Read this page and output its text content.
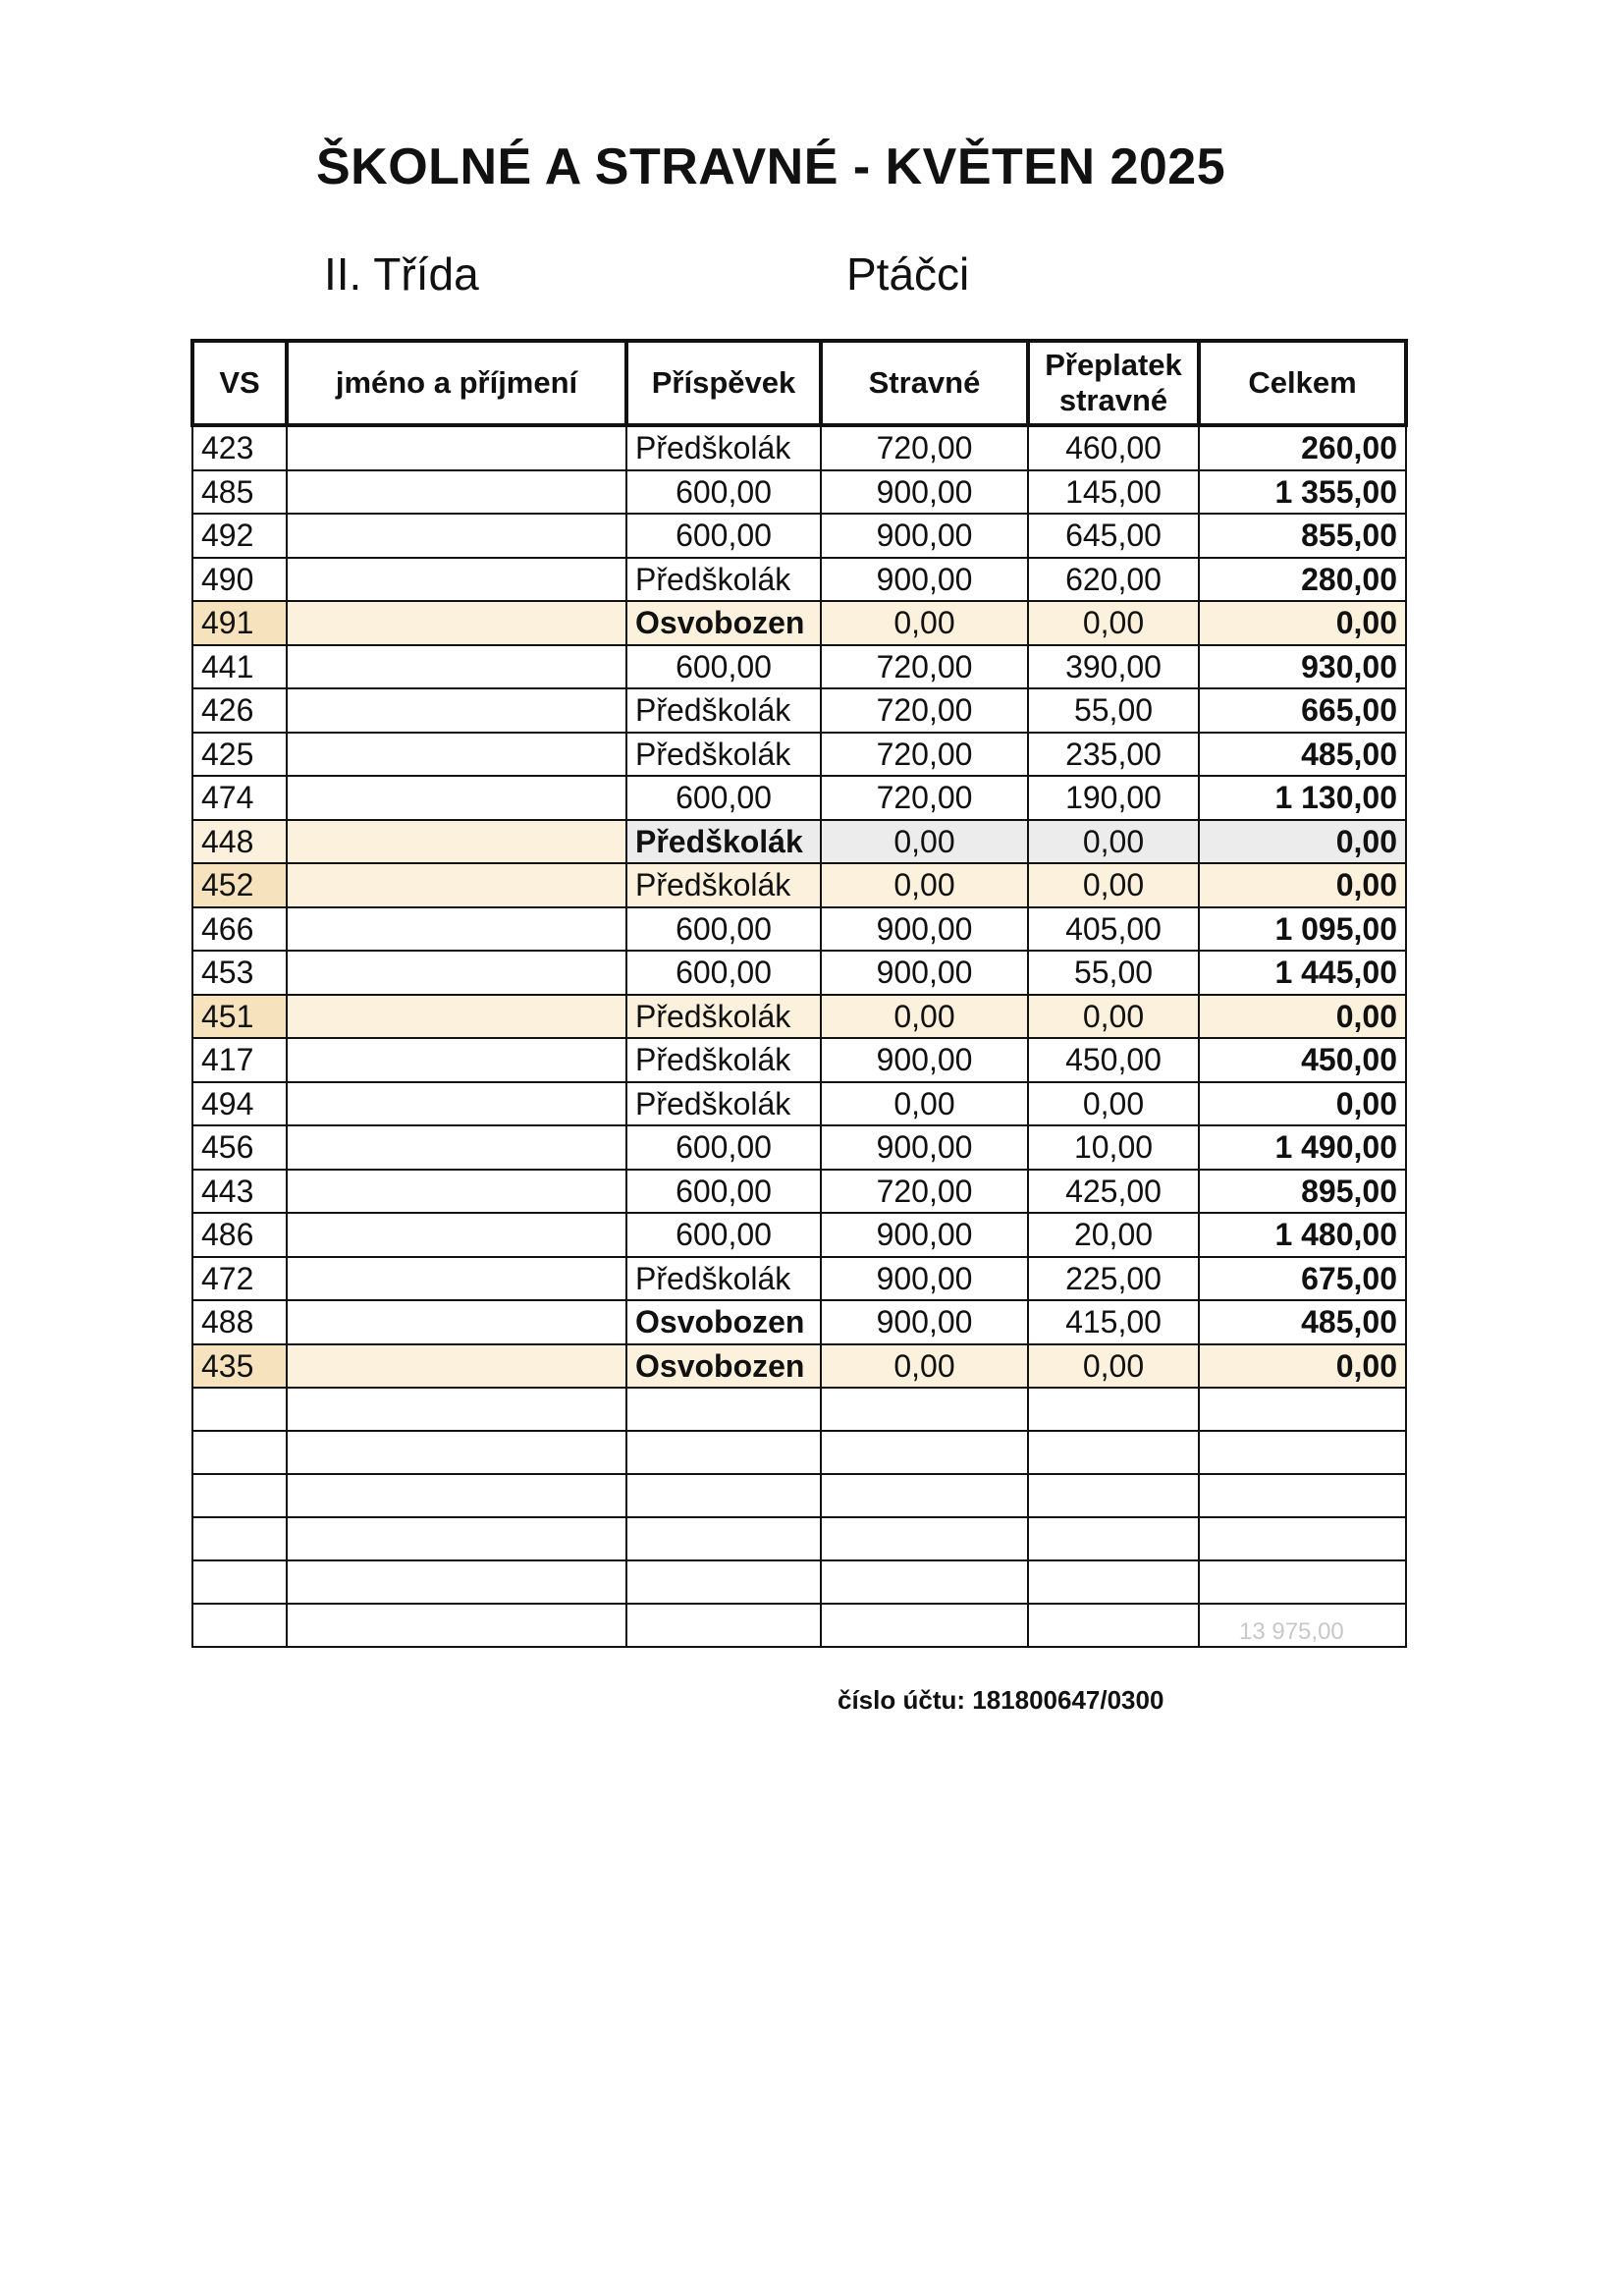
ŠKOLNÉ A STRAVNÉ - KVĚTEN 2025
II. Třída	Ptáčci
VS	jméno a příjmení	Příspěvek	Stravné	Přeplatek stravné	Celkem
423		Předškolák	720,00	460,00	260,00
485		600,00	900,00	145,00	1 355,00
492		600,00	900,00	645,00	855,00
490		Předškolák	900,00	620,00	280,00
491		Osvobozen	0,00	0,00	0,00
441		600,00	720,00	390,00	930,00
426		Předškolák	720,00	55,00	665,00
425		Předškolák	720,00	235,00	485,00
474		600,00	720,00	190,00	1 130,00
448		Předškolák	0,00	0,00	0,00
452		Předškolák	0,00	0,00	0,00
466		600,00	900,00	405,00	1 095,00
453		600,00	900,00	55,00	1 445,00
451		Předškolák	0,00	0,00	0,00
417		Předškolák	900,00	450,00	450,00
494		Předškolák	0,00	0,00	0,00
456		600,00	900,00	10,00	1 490,00
443		600,00	720,00	425,00	895,00
486		600,00	900,00	20,00	1 480,00
472		Předškolák	900,00	225,00	675,00
488		Osvobozen	900,00	415,00	485,00
435		Osvobozen	0,00	0,00	0,00

13 975,00
číslo účtu: 181800647/0300
